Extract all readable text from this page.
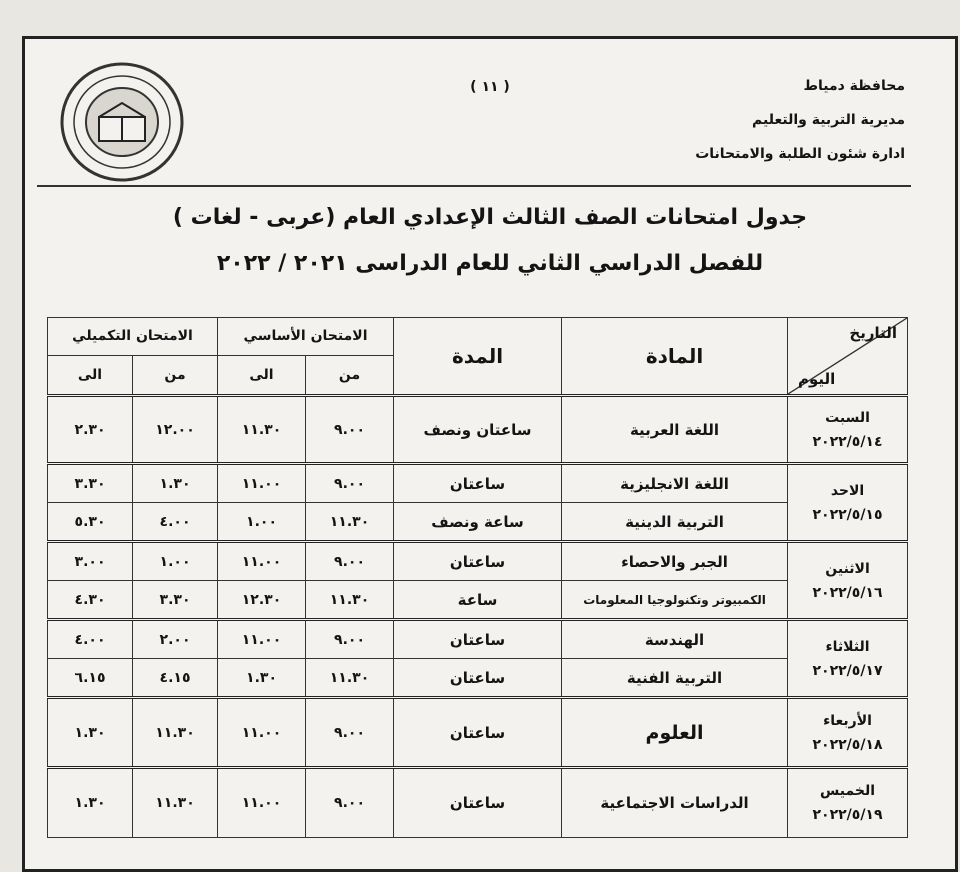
( ١١ )	محافظة دمياط
مديرية التربية والتعليم
ادارة شئون الطلبة والامتحانات
جدول امتحانات الصف الثالث الإعدادي العام (عربى - لغات )
للفصل الدراسي الثاني للعام الدراسى ٢٠٢١ / ٢٠٢٢
التاريخ
اليوم	المادة	المدة	الامتحان الأساسي		الامتحان التكميلي	
			من	الى	من	الى

السبت
٢٠٢٢/٥/١٤	اللغة العربية	ساعتان ونصف	٩.٠٠	١١.٣٠	١٢.٠٠	٢.٣٠

الاحد
٢٠٢٢/٥/١٥	اللغة الانجليزية	ساعتان	٩.٠٠	١١.٠٠	١.٣٠	٣.٣٠
	التربية الدينية	ساعة ونصف	١١.٣٠	١.٠٠	٤.٠٠	٥.٣٠

الاثنين
٢٠٢٢/٥/١٦	الجبر والاحصاء	ساعتان	٩.٠٠	١١.٠٠	١.٠٠	٣.٠٠
	الكمبيوتر وتكنولوجيا المعلومات	ساعة	١١.٣٠	١٢.٣٠	٣.٣٠	٤.٣٠

الثلاثاء
٢٠٢٢/٥/١٧	الهندسة	ساعتان	٩.٠٠	١١.٠٠	٢.٠٠	٤.٠٠
	التربية الفنية	ساعتان	١١.٣٠	١.٣٠	٤.١٥	٦.١٥

الأربعاء
٢٠٢٢/٥/١٨	العلوم	ساعتان	٩.٠٠	١١.٠٠	١١.٣٠	١.٣٠

الخميس
٢٠٢٢/٥/١٩	الدراسات الاجتماعية	ساعتان	٩.٠٠	١١.٠٠	١١.٣٠	١.٣٠
